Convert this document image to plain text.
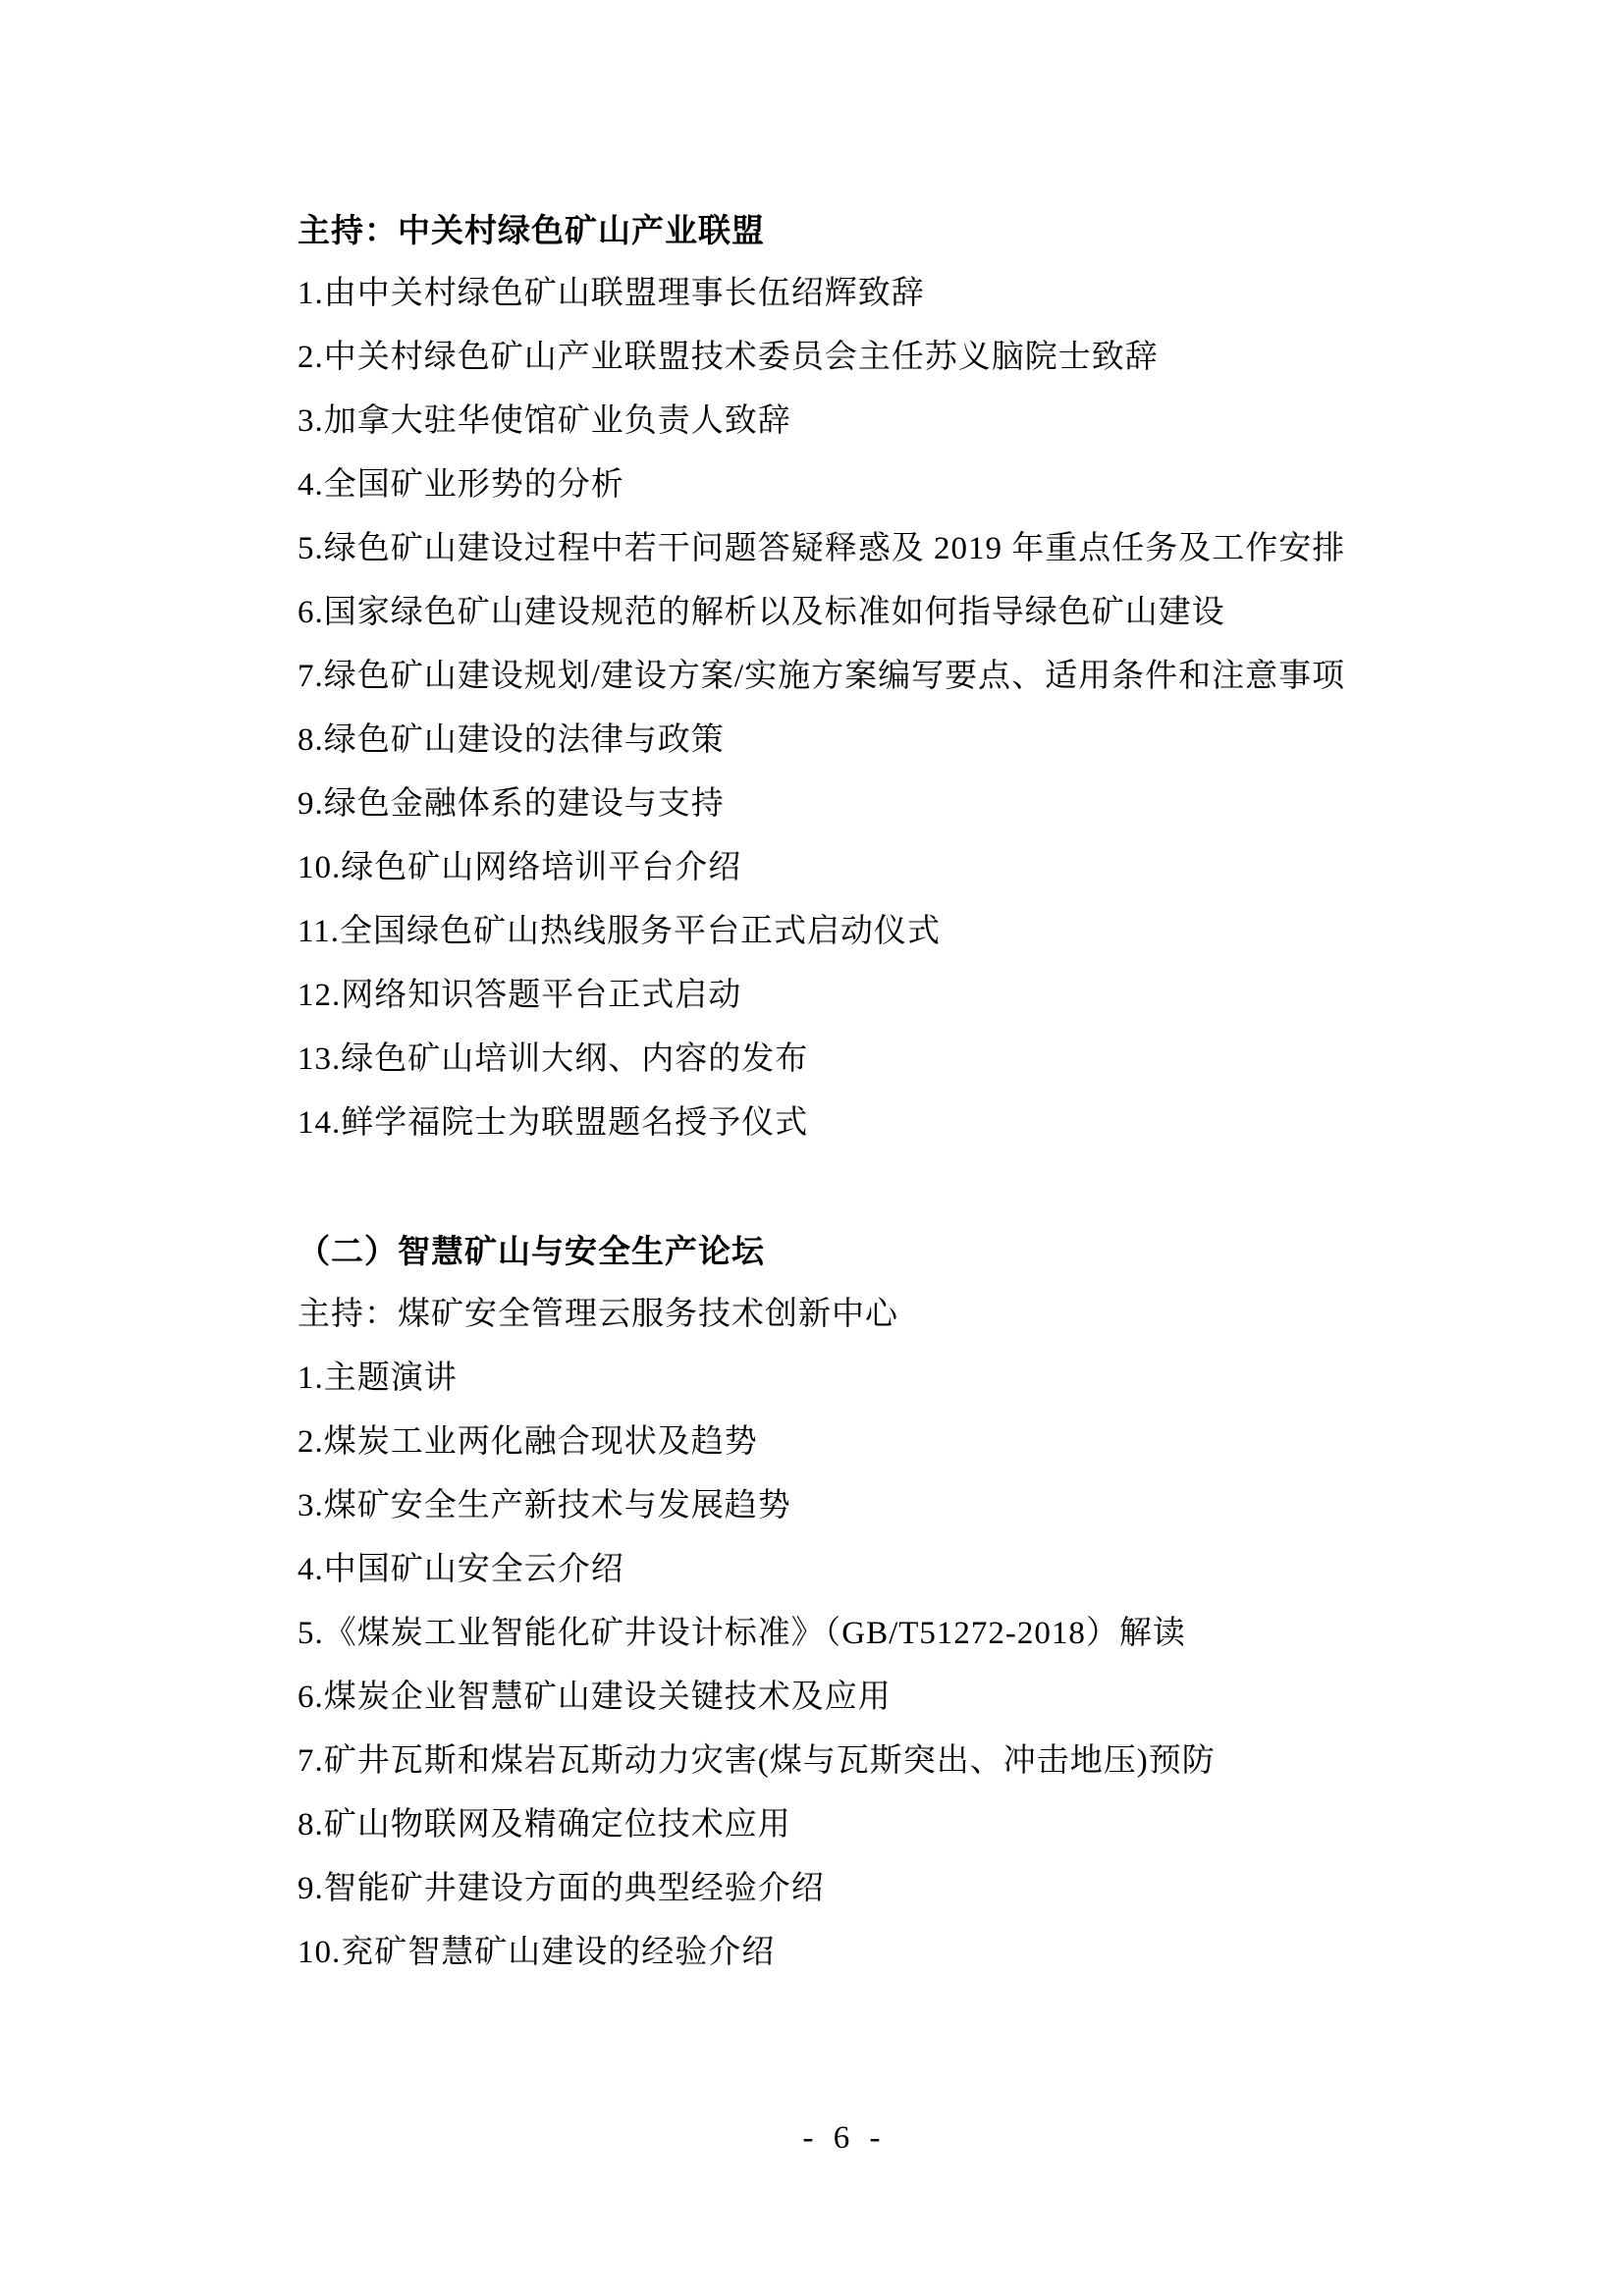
主持：中关村绿色矿山产业联盟

1.由中关村绿色矿山联盟理事长伍绍辉致辞

2.中关村绿色矿山产业联盟技术委员会主任苏义脑院士致辞

3.加拿大驻华使馆矿业负责人致辞

4.全国矿业形势的分析

5.绿色矿山建设过程中若干问题答疑释惑及 2019 年重点任务及工作安排

6.国家绿色矿山建设规范的解析以及标准如何指导绿色矿山建设

7.绿色矿山建设规划/建设方案/实施方案编写要点、适用条件和注意事项

8.绿色矿山建设的法律与政策

9.绿色金融体系的建设与支持

10.绿色矿山网络培训平台介绍

11.全国绿色矿山热线服务平台正式启动仪式

12.网络知识答题平台正式启动

13.绿色矿山培训大纲、内容的发布

14.鲜学福院士为联盟题名授予仪式

（二）智慧矿山与安全生产论坛

主持：煤矿安全管理云服务技术创新中心

1.主题演讲

2.煤炭工业两化融合现状及趋势

3.煤矿安全生产新技术与发展趋势

4.中国矿山安全云介绍

5.《煤炭工业智能化矿井设计标准》（GB/T51272-2018）解读

6.煤炭企业智慧矿山建设关键技术及应用

7.矿井瓦斯和煤岩瓦斯动力灾害(煤与瓦斯突出、冲击地压)预防

8.矿山物联网及精确定位技术应用

9.智能矿井建设方面的典型经验介绍

10.兖矿智慧矿山建设的经验介绍

- 6 -
